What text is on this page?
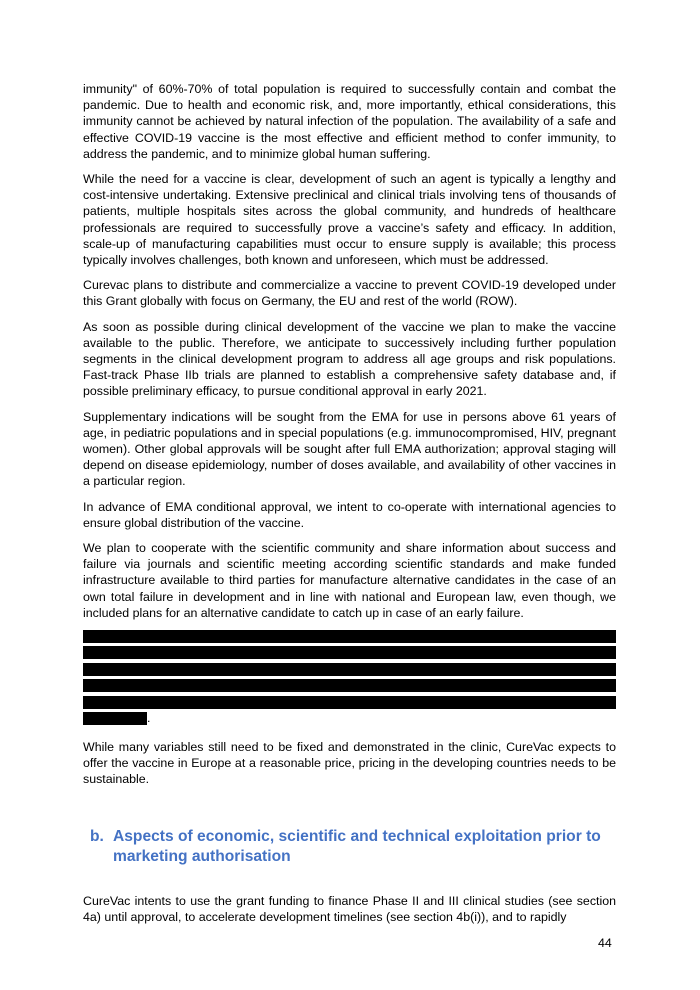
immunity" of 60%-70% of total population is required to successfully contain and combat the pandemic. Due to health and economic risk, and, more importantly, ethical considerations, this immunity cannot be achieved by natural infection of the population. The availability of a safe and effective COVID-19 vaccine is the most effective and efficient method to confer immunity, to address the pandemic, and to minimize global human suffering.

While the need for a vaccine is clear, development of such an agent is typically a lengthy and cost-intensive undertaking. Extensive preclinical and clinical trials involving tens of thousands of patients, multiple hospitals sites across the global community, and hundreds of healthcare professionals are required to successfully prove a vaccine’s safety and efficacy. In addition, scale-up of manufacturing capabilities must occur to ensure supply is available; this process typically involves challenges, both known and unforeseen, which must be addressed.

Curevac plans to distribute and commercialize a vaccine to prevent COVID-19 developed under this Grant globally with focus on Germany, the EU and rest of the world (ROW).

As soon as possible during clinical development of the vaccine we plan to make the vaccine available to the public. Therefore, we anticipate to successively including further population segments in the clinical development program to address all age groups and risk populations. Fast-track Phase IIb trials are planned to establish a comprehensive safety database and, if possible preliminary efficacy, to pursue conditional approval in early 2021.

Supplementary indications will be sought from the EMA for use in persons above 61 years of age, in pediatric populations and in special populations (e.g. immunocompromised, HIV, pregnant women). Other global approvals will be sought after full EMA authorization; approval staging will depend on disease epidemiology, number of doses available, and availability of other vaccines in a particular region.

In advance of EMA conditional approval, we intent to co-operate with international agencies to ensure global distribution of the vaccine.

We plan to cooperate with the scientific community and share information about success and failure via journals and scientific meeting according scientific standards and make funded infrastructure available to third parties for manufacture alternative candidates in the case of an own total failure in development and in line with national and European law, even though, we included plans for an alternative candidate to catch up in case of an early failure.

.

While many variables still need to be fixed and demonstrated in the clinic, CureVac expects to offer the vaccine in Europe at a reasonable price, pricing in the developing countries needs to be sustainable.

b. Aspects of economic, scientific and technical exploitation prior to marketing authorisation

CureVac intents to use the grant funding to finance Phase II and III clinical studies (see section 4a) until approval, to accelerate development timelines (see section 4b(i)), and to rapidly

44
